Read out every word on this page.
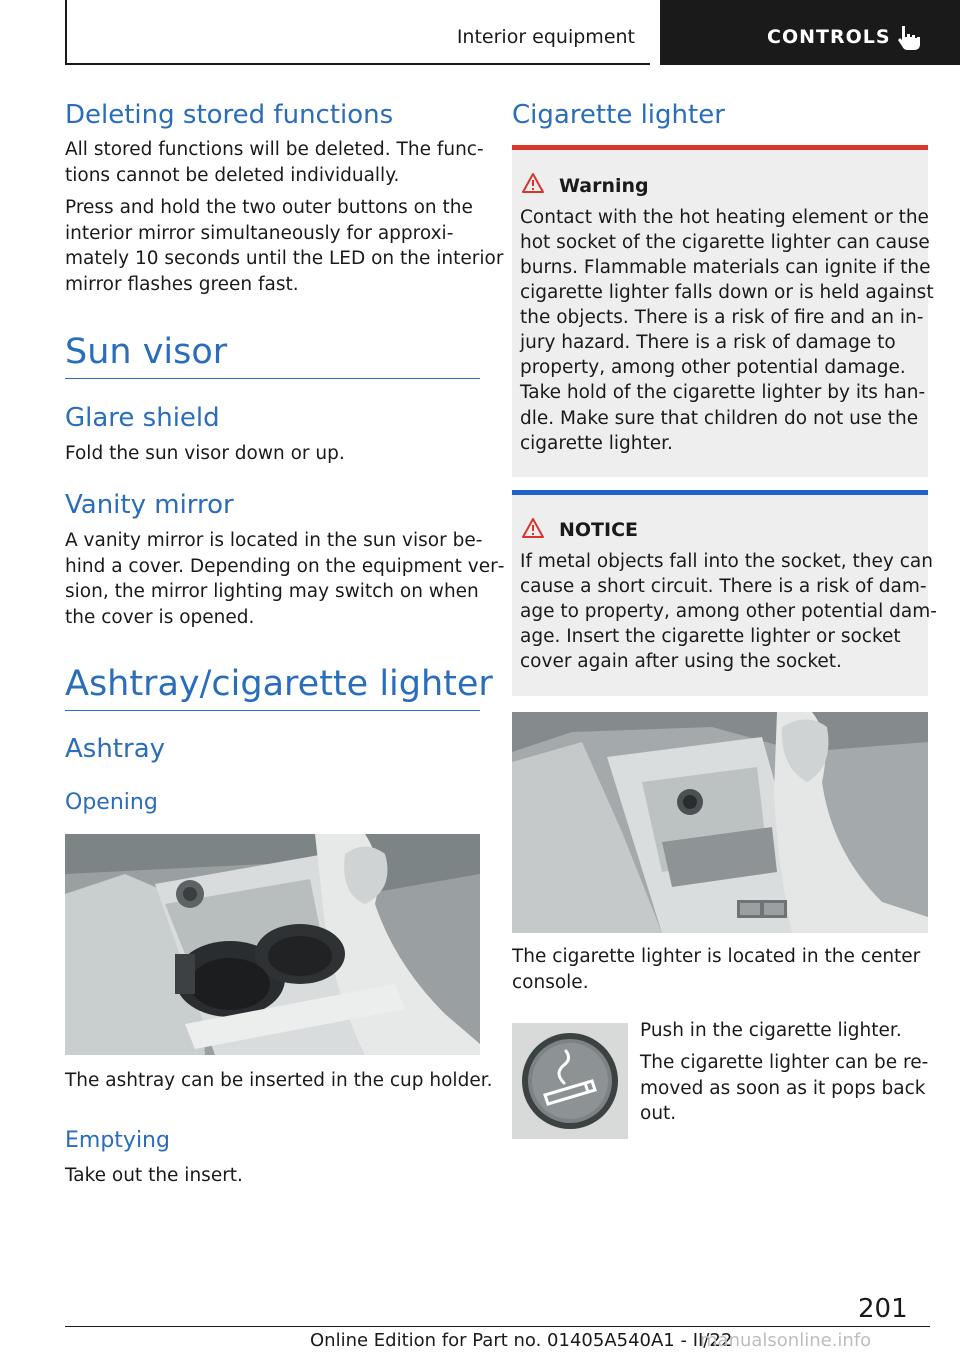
Interior equipment	CONTROLS
Deleting stored functions
All stored functions will be deleted. The func‐
tions cannot be deleted individually.
Press and hold the two outer buttons on the
interior mirror simultaneously for approxi‐
mately 10 seconds until the LED on the interior
mirror flashes green fast.
Sun visor
Glare shield
Fold the sun visor down or up.
Vanity mirror
A vanity mirror is located in the sun visor be‐
hind a cover. Depending on the equipment ver‐
sion, the mirror lighting may switch on when
the cover is opened.
Ashtray/cigarette lighter
Ashtray
Opening
The ashtray can be inserted in the cup holder.
Emptying
Take out the insert.
Cigarette lighter
Warning
Contact with the hot heating element or the
hot socket of the cigarette lighter can cause
burns. Flammable materials can ignite if the
cigarette lighter falls down or is held against
the objects. There is a risk of fire and an in‐
jury hazard. There is a risk of damage to
property, among other potential damage.
Take hold of the cigarette lighter by its han‐
dle. Make sure that children do not use the
cigarette lighter.
NOTICE
If metal objects fall into the socket, they can
cause a short circuit. There is a risk of dam‐
age to property, among other potential dam‐
age. Insert the cigarette lighter or socket
cover again after using the socket.
The cigarette lighter is located in the center
console.
Push in the cigarette lighter.
The cigarette lighter can be re‐
moved as soon as it pops back
out.
201
Online Edition for Part no. 01405A540A1 - II/22
manualsonline.info
